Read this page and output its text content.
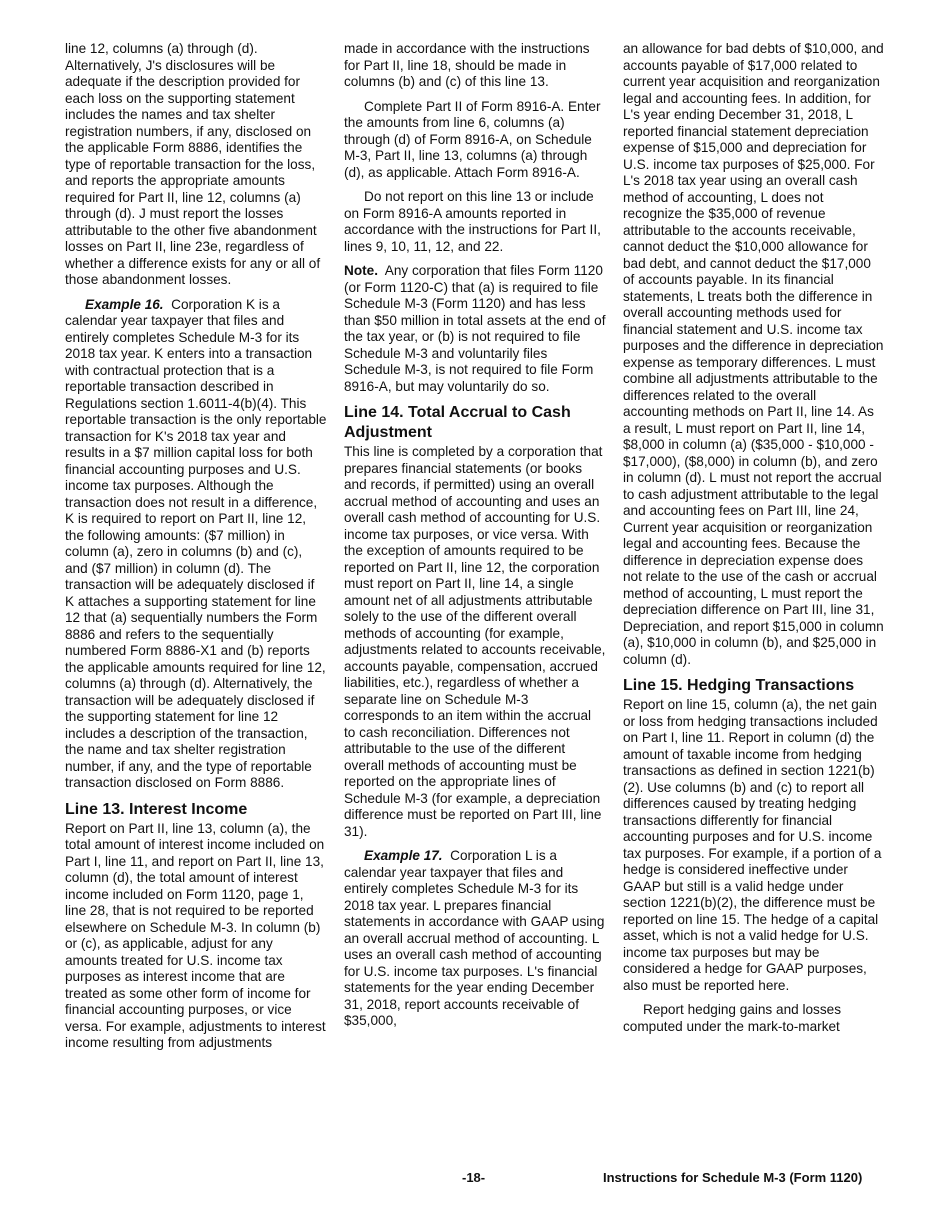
line 12, columns (a) through (d). Alternatively, J's disclosures will be adequate if the description provided for each loss on the supporting statement includes the names and tax shelter registration numbers, if any, disclosed on the applicable Form 8886, identifies the type of reportable transaction for the loss, and reports the appropriate amounts required for Part II, line 12, columns (a) through (d). J must report the losses attributable to the other five abandonment losses on Part II, line 23e, regardless of whether a difference exists for any or all of those abandonment losses.

Example 16. Corporation K is a calendar year taxpayer that files and entirely completes Schedule M-3 for its 2018 tax year. K enters into a transaction with contractual protection that is a reportable transaction described in Regulations section 1.6011-4(b)(4). This reportable transaction is the only reportable transaction for K's 2018 tax year and results in a $7 million capital loss for both financial accounting purposes and U.S. income tax purposes. Although the transaction does not result in a difference, K is required to report on Part II, line 12, the following amounts: ($7 million) in column (a), zero in columns (b) and (c), and ($7 million) in column (d). The transaction will be adequately disclosed if K attaches a supporting statement for line 12 that (a) sequentially numbers the Form 8886 and refers to the sequentially numbered Form 8886-X1 and (b) reports the applicable amounts required for line 12, columns (a) through (d). Alternatively, the transaction will be adequately disclosed if the supporting statement for line 12 includes a description of the transaction, the name and tax shelter registration number, if any, and the type of reportable transaction disclosed on Form 8886.

Line 13. Interest Income

Report on Part II, line 13, column (a), the total amount of interest income included on Part I, line 11, and report on Part II, line 13, column (d), the total amount of interest income included on Form 1120, page 1, line 28, that is not required to be reported elsewhere on Schedule M-3. In column (b) or (c), as applicable, adjust for any amounts treated for U.S. income tax purposes as interest income that are treated as some other form of income for financial accounting purposes, or vice versa. For example, adjustments to interest income resulting from adjustments

made in accordance with the instructions for Part II, line 18, should be made in columns (b) and (c) of this line 13.

Complete Part II of Form 8916-A. Enter the amounts from line 6, columns (a) through (d) of Form 8916-A, on Schedule M-3, Part II, line 13, columns (a) through (d), as applicable. Attach Form 8916-A.

Do not report on this line 13 or include on Form 8916-A amounts reported in accordance with the instructions for Part II, lines 9, 10, 11, 12, and 22.

Note. Any corporation that files Form 1120 (or Form 1120-C) that (a) is required to file Schedule M-3 (Form 1120) and has less than $50 million in total assets at the end of the tax year, or (b) is not required to file Schedule M-3 and voluntarily files Schedule M-3, is not required to file Form 8916-A, but may voluntarily do so.

Line 14. Total Accrual to Cash Adjustment

This line is completed by a corporation that prepares financial statements (or books and records, if permitted) using an overall accrual method of accounting and uses an overall cash method of accounting for U.S. income tax purposes, or vice versa. With the exception of amounts required to be reported on Part II, line 12, the corporation must report on Part II, line 14, a single amount net of all adjustments attributable solely to the use of the different overall methods of accounting (for example, adjustments related to accounts receivable, accounts payable, compensation, accrued liabilities, etc.), regardless of whether a separate line on Schedule M-3 corresponds to an item within the accrual to cash reconciliation. Differences not attributable to the use of the different overall methods of accounting must be reported on the appropriate lines of Schedule M-3 (for example, a depreciation difference must be reported on Part III, line 31).

Example 17. Corporation L is a calendar year taxpayer that files and entirely completes Schedule M-3 for its 2018 tax year. L prepares financial statements in accordance with GAAP using an overall accrual method of accounting. L uses an overall cash method of accounting for U.S. income tax purposes. L's financial statements for the year ending December 31, 2018, report accounts receivable of $35,000,

an allowance for bad debts of $10,000, and accounts payable of $17,000 related to current year acquisition and reorganization legal and accounting fees. In addition, for L's year ending December 31, 2018, L reported financial statement depreciation expense of $15,000 and depreciation for U.S. income tax purposes of $25,000. For L's 2018 tax year using an overall cash method of accounting, L does not recognize the $35,000 of revenue attributable to the accounts receivable, cannot deduct the $10,000 allowance for bad debt, and cannot deduct the $17,000 of accounts payable. In its financial statements, L treats both the difference in overall accounting methods used for financial statement and U.S. income tax purposes and the difference in depreciation expense as temporary differences. L must combine all adjustments attributable to the differences related to the overall accounting methods on Part II, line 14. As a result, L must report on Part II, line 14, $8,000 in column (a) ($35,000 - $10,000 - $17,000), ($8,000) in column (b), and zero in column (d). L must not report the accrual to cash adjustment attributable to the legal and accounting fees on Part III, line 24, Current year acquisition or reorganization legal and accounting fees. Because the difference in depreciation expense does not relate to the use of the cash or accrual method of accounting, L must report the depreciation difference on Part III, line 31, Depreciation, and report $15,000 in column (a), $10,000 in column (b), and $25,000 in column (d).

Line 15. Hedging Transactions

Report on line 15, column (a), the net gain or loss from hedging transactions included on Part I, line 11. Report in column (d) the amount of taxable income from hedging transactions as defined in section 1221(b)(2). Use columns (b) and (c) to report all differences caused by treating hedging transactions differently for financial accounting purposes and for U.S. income tax purposes. For example, if a portion of a hedge is considered ineffective under GAAP but still is a valid hedge under section 1221(b)(2), the difference must be reported on line 15. The hedge of a capital asset, which is not a valid hedge for U.S. income tax purposes but may be considered a hedge for GAAP purposes, also must be reported here.

Report hedging gains and losses computed under the mark-to-market

-18-	Instructions for Schedule M-3 (Form 1120)
